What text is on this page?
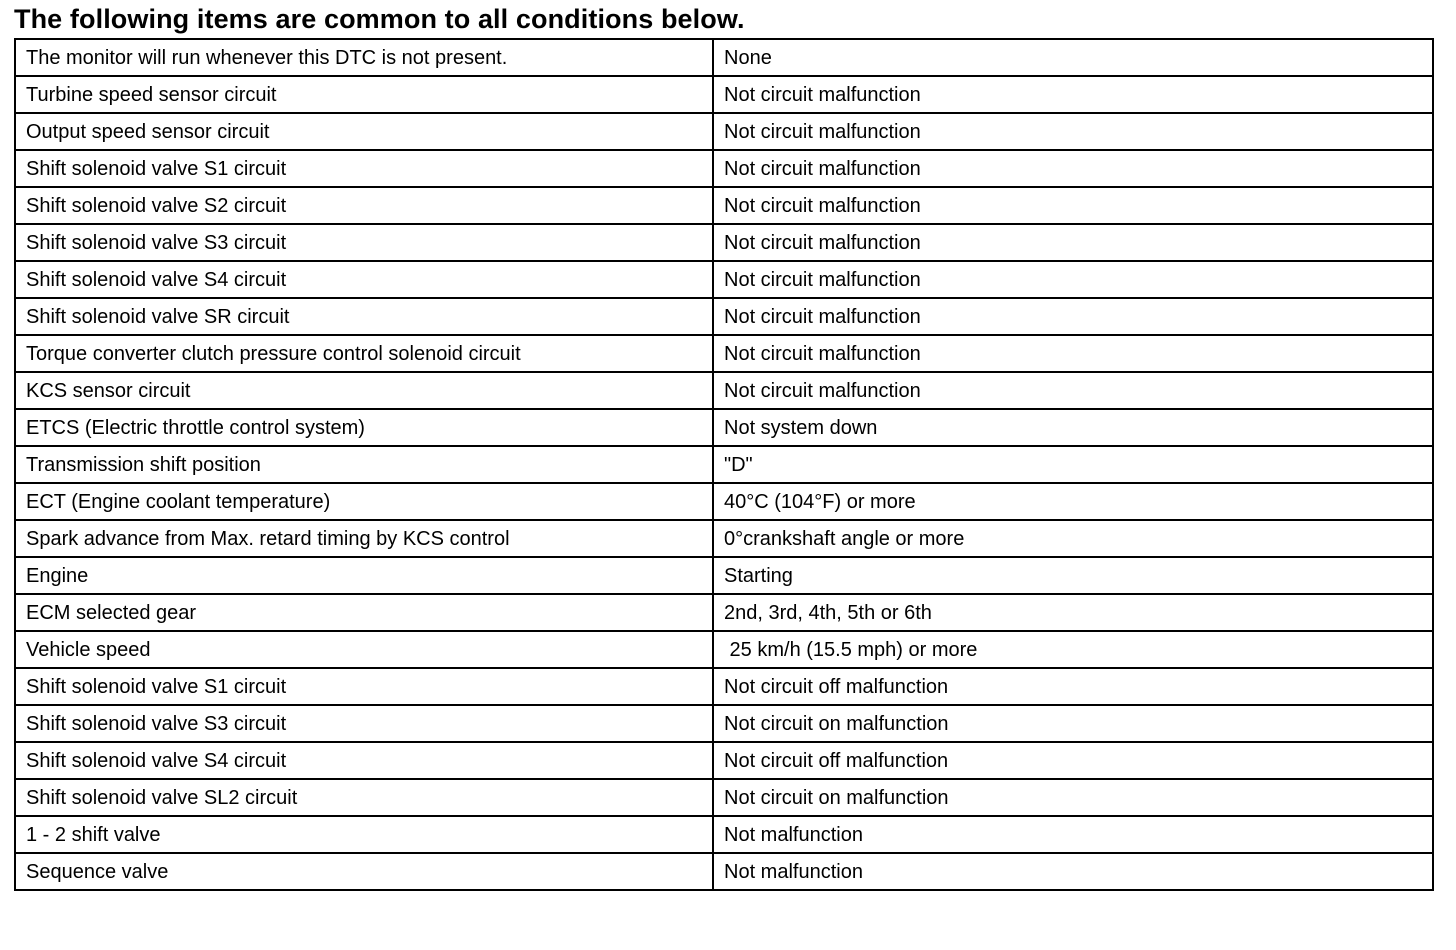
The following items are common to all conditions below.
The monitor will run whenever this DTC is not present.	None
Turbine speed sensor circuit	Not circuit malfunction
Output speed sensor circuit	Not circuit malfunction
Shift solenoid valve S1 circuit	Not circuit malfunction
Shift solenoid valve S2 circuit	Not circuit malfunction
Shift solenoid valve S3 circuit	Not circuit malfunction
Shift solenoid valve S4 circuit	Not circuit malfunction
Shift solenoid valve SR circuit	Not circuit malfunction
Torque converter clutch pressure control solenoid circuit	Not circuit malfunction
KCS sensor circuit	Not circuit malfunction
ETCS (Electric throttle control system)	Not system down
Transmission shift position	"D"
ECT (Engine coolant temperature)	40°C (104°F) or more
Spark advance from Max. retard timing by KCS control	0°crankshaft angle or more
Engine	Starting
ECM selected gear	2nd, 3rd, 4th, 5th or 6th
Vehicle speed	25 km/h (15.5 mph) or more
Shift solenoid valve S1 circuit	Not circuit off malfunction
Shift solenoid valve S3 circuit	Not circuit on malfunction
Shift solenoid valve S4 circuit	Not circuit off malfunction
Shift solenoid valve SL2 circuit	Not circuit on malfunction
1 - 2 shift valve	Not malfunction
Sequence valve	Not malfunction
